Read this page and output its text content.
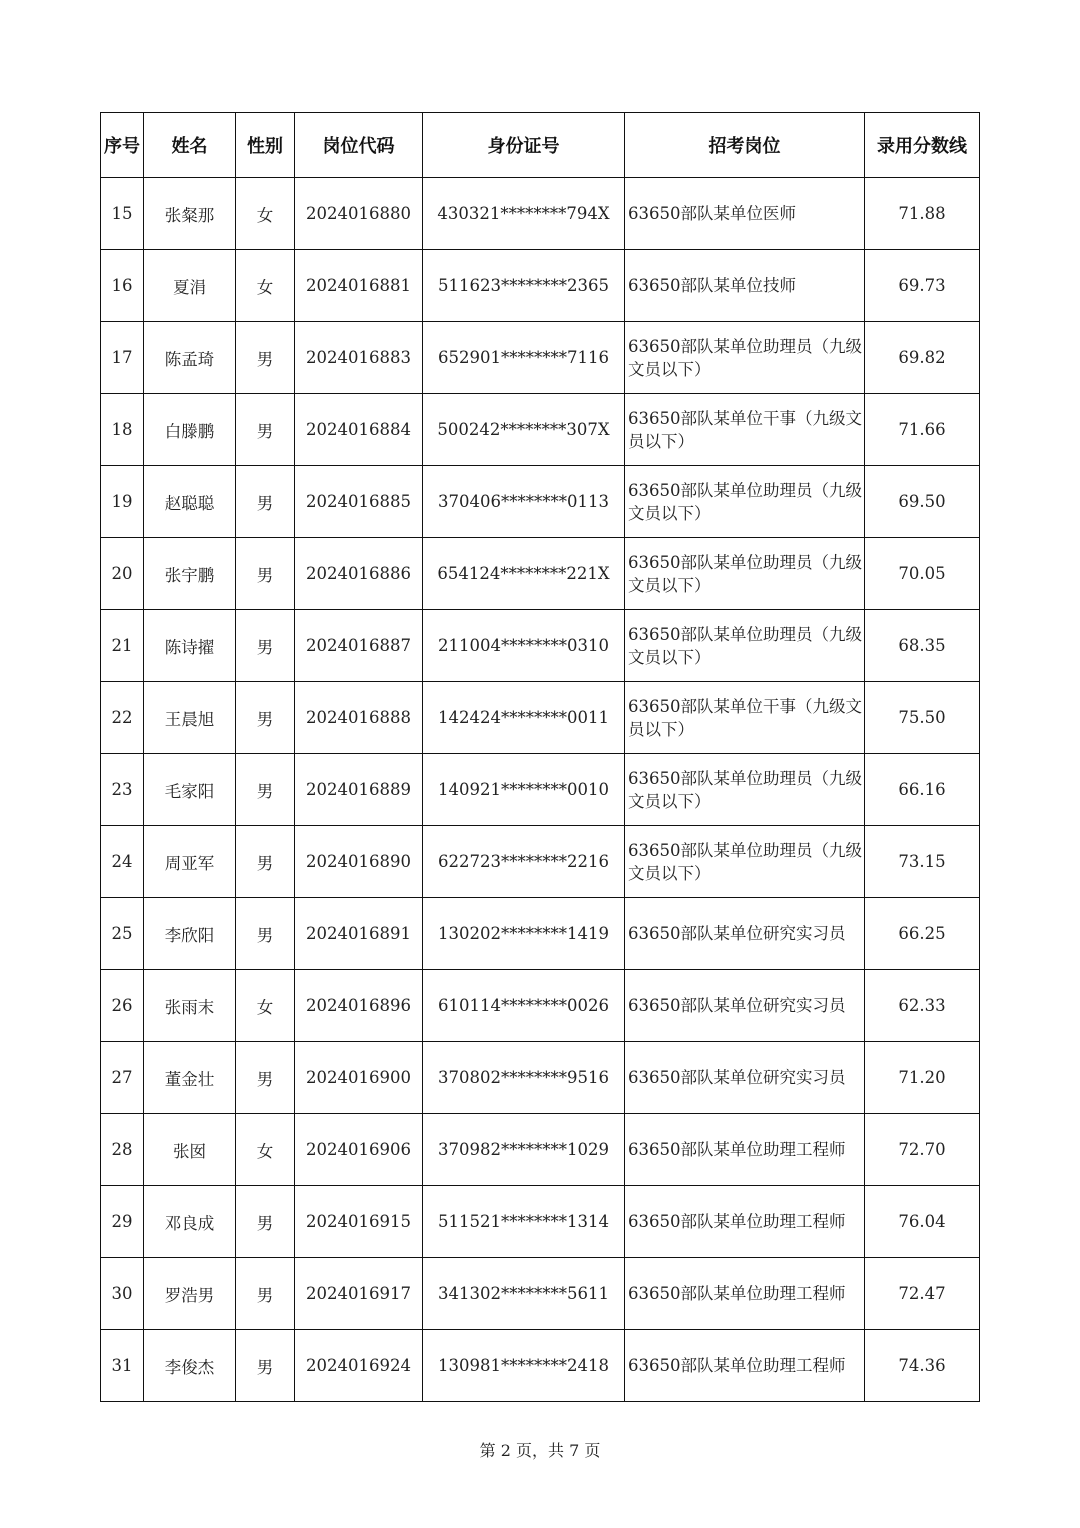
序号	姓名	性别	岗位代码	身份证号	招考岗位	录用分数线
15	张粲那	女	2024016880	430321********794X	63650部队某单位医师	71.88
16	夏涓	女	2024016881	511623********2365	63650部队某单位技师	69.73
17	陈孟琦	男	2024016883	652901********7116	63650部队某单位助理员（九级文员以下）	69.82
18	白滕鹏	男	2024016884	500242********307X	63650部队某单位干事（九级文员以下）	71.66
19	赵聪聪	男	2024016885	370406********0113	63650部队某单位助理员（九级文员以下）	69.50
20	张宇鹏	男	2024016886	654124********221X	63650部队某单位助理员（九级文员以下）	70.05
21	陈诗擢	男	2024016887	211004********0310	63650部队某单位助理员（九级文员以下）	68.35
22	王晨旭	男	2024016888	142424********0011	63650部队某单位干事（九级文员以下）	75.50
23	毛家阳	男	2024016889	140921********0010	63650部队某单位助理员（九级文员以下）	66.16
24	周亚军	男	2024016890	622723********2216	63650部队某单位助理员（九级文员以下）	73.15
25	李欣阳	男	2024016891	130202********1419	63650部队某单位研究实习员	66.25
26	张雨末	女	2024016896	610114********0026	63650部队某单位研究实习员	62.33
27	董金壮	男	2024016900	370802********9516	63650部队某单位研究实习员	71.20
28	张囡	女	2024016906	370982********1029	63650部队某单位助理工程师	72.70
29	邓良成	男	2024016915	511521********1314	63650部队某单位助理工程师	76.04
30	罗浩男	男	2024016917	341302********5611	63650部队某单位助理工程师	72.47
31	李俊杰	男	2024016924	130981********2418	63650部队某单位助理工程师	74.36
第 2 页，共 7 页
